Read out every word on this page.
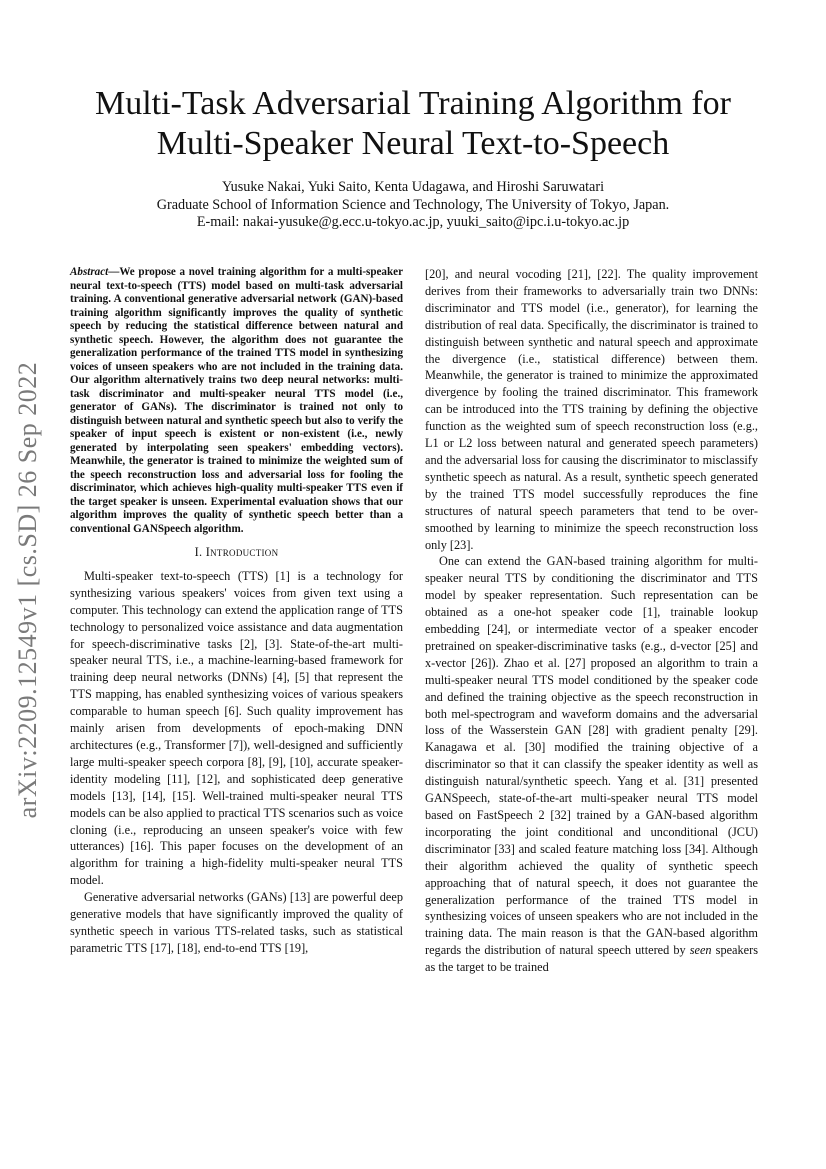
arXiv:2209.12549v1 [cs.SD] 26 Sep 2022
Multi-Task Adversarial Training Algorithm for
Multi-Speaker Neural Text-to-Speech
Yusuke Nakai, Yuki Saito, Kenta Udagawa, and Hiroshi Saruwatari
Graduate School of Information Science and Technology, The University of Tokyo, Japan.
E-mail: nakai-yusuke@g.ecc.u-tokyo.ac.jp, yuuki_saito@ipc.i.u-tokyo.ac.jp

Abstract—We propose a novel training algorithm for a multi-speaker neural text-to-speech (TTS) model based on multi-task adversarial training. A conventional generative adversarial network (GAN)-based training algorithm significantly improves the quality of synthetic speech by reducing the statistical difference between natural and synthetic speech. However, the algorithm does not guarantee the generalization performance of the trained TTS model in synthesizing voices of unseen speakers who are not included in the training data. Our algorithm alternatively trains two deep neural networks: multi-task discriminator and multi-speaker neural TTS model (i.e., generator of GANs). The discriminator is trained not only to distinguish between natural and synthetic speech but also to verify the speaker of input speech is existent or non-existent (i.e., newly generated by interpolating seen speakers' embedding vectors). Meanwhile, the generator is trained to minimize the weighted sum of the speech reconstruction loss and adversarial loss for fooling the discriminator, which achieves high-quality multi-speaker TTS even if the target speaker is unseen. Experimental evaluation shows that our algorithm improves the quality of synthetic speech better than a conventional GANSpeech algorithm.

I. Introduction

Multi-speaker text-to-speech (TTS) [1] is a technology for synthesizing various speakers' voices from given text using a computer. This technology can extend the application range of TTS technology to personalized voice assistance and data augmentation for speech-discriminative tasks [2], [3]. State-of-the-art multi-speaker neural TTS, i.e., a machine-learning-based framework for training deep neural networks (DNNs) [4], [5] that represent the TTS mapping, has enabled synthesizing voices of various speakers comparable to human speech [6]. Such quality improvement has mainly arisen from developments of epoch-making DNN architectures (e.g., Transformer [7]), well-designed and sufficiently large multi-speaker speech corpora [8], [9], [10], accurate speaker-identity modeling [11], [12], and sophisticated deep generative models [13], [14], [15]. Well-trained multi-speaker neural TTS models can be also applied to practical TTS scenarios such as voice cloning (i.e., reproducing an unseen speaker's voice with few utterances) [16]. This paper focuses on the development of an algorithm for training a high-fidelity multi-speaker neural TTS model.

Generative adversarial networks (GANs) [13] are powerful deep generative models that have significantly improved the quality of synthetic speech in various TTS-related tasks, such as statistical parametric TTS [17], [18], end-to-end TTS [19],

[20], and neural vocoding [21], [22]. The quality improvement derives from their frameworks to adversarially train two DNNs: discriminator and TTS model (i.e., generator), for learning the distribution of real data. Specifically, the discriminator is trained to distinguish between synthetic and natural speech and approximate the divergence (i.e., statistical difference) between them. Meanwhile, the generator is trained to minimize the approximated divergence by fooling the trained discriminator. This framework can be introduced into the TTS training by defining the objective function as the weighted sum of speech reconstruction loss (e.g., L1 or L2 loss between natural and generated speech parameters) and the adversarial loss for causing the discriminator to misclassify synthetic speech as natural. As a result, synthetic speech generated by the trained TTS model successfully reproduces the fine structures of natural speech parameters that tend to be over-smoothed by learning to minimize the speech reconstruction loss only [23].

One can extend the GAN-based training algorithm for multi-speaker neural TTS by conditioning the discriminator and TTS model by speaker representation. Such representation can be obtained as a one-hot speaker code [1], trainable lookup embedding [24], or intermediate vector of a speaker encoder pretrained on speaker-discriminative tasks (e.g., d-vector [25] and x-vector [26]). Zhao et al. [27] proposed an algorithm to train a multi-speaker neural TTS model conditioned by the speaker code and defined the training objective as the speech reconstruction in both mel-spectrogram and waveform domains and the adversarial loss of the Wasserstein GAN [28] with gradient penalty [29]. Kanagawa et al. [30] modified the training objective of a discriminator so that it can classify the speaker identity as well as distinguish natural/synthetic speech. Yang et al. [31] presented GANSpeech, state-of-the-art multi-speaker neural TTS model based on FastSpeech 2 [32] trained by a GAN-based algorithm incorporating the joint conditional and unconditional (JCU) discriminator [33] and scaled feature matching loss [34]. Although their algorithm achieved the quality of synthetic speech approaching that of natural speech, it does not guarantee the generalization performance of the trained TTS model in synthesizing voices of unseen speakers who are not included in the training data. The main reason is that the GAN-based algorithm regards the distribution of natural speech uttered by seen speakers as the target to be trained
